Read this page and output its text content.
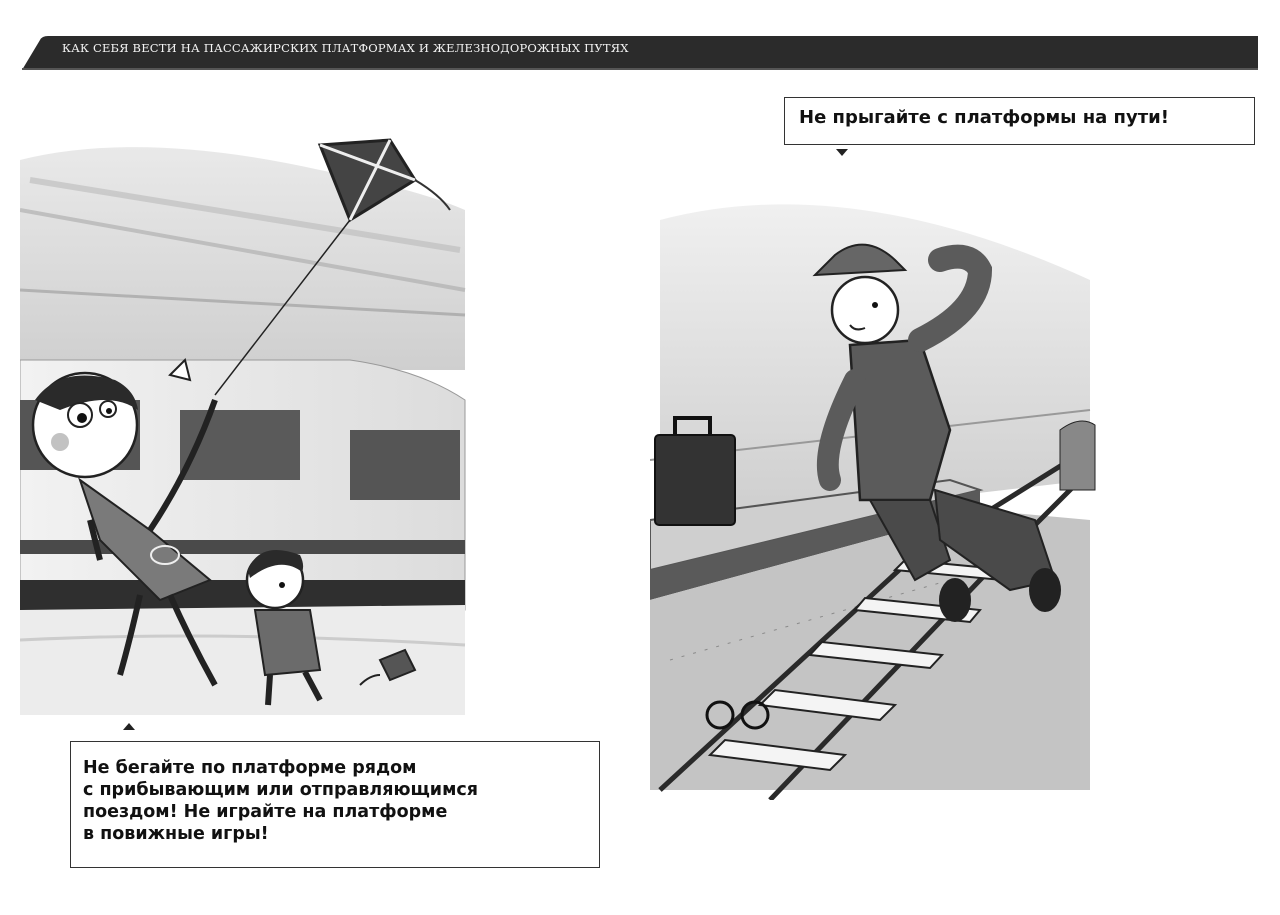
КАК СЕБЯ ВЕСТИ НА ПАССАЖИРСКИХ ПЛАТФОРМАХ И ЖЕЛЕЗНОДОРОЖНЫХ ПУТЯХ
Не прыгайте с платформы на пути!
Не бегайте по платформе рядом
с прибывающим или отправляющимся
поездом! Не играйте на платформе
в повижные игры!
